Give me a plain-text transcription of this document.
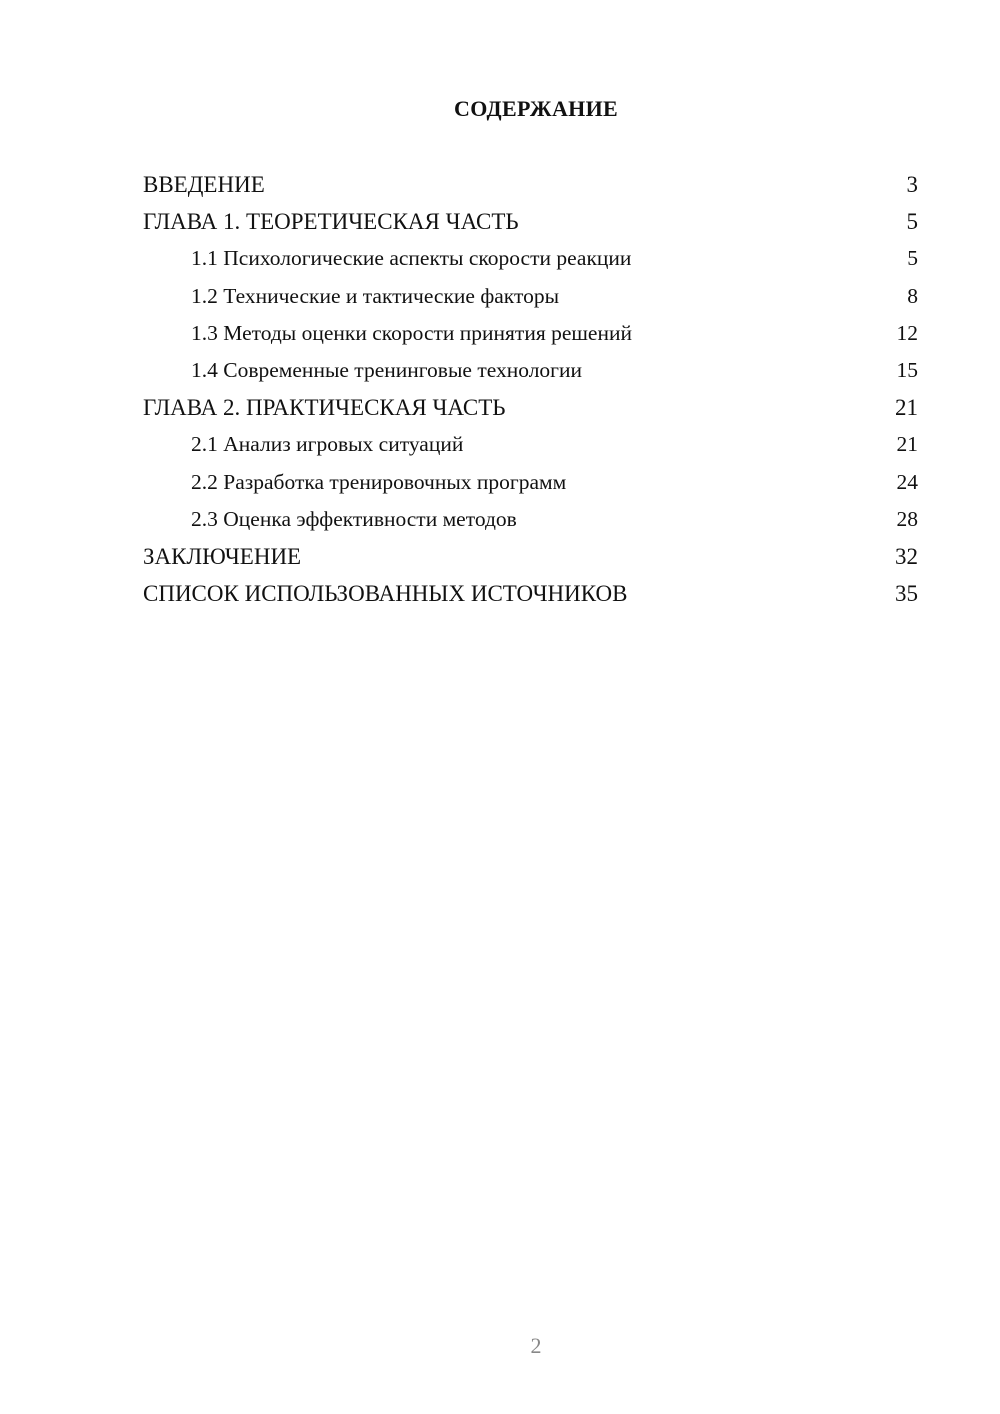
СОДЕРЖАНИЕ
ВВЕДЕНИЕ	3
ГЛАВА 1. ТЕОРЕТИЧЕСКАЯ ЧАСТЬ	5
1.1 Психологические аспекты скорости реакции	5
1.2 Технические и тактические факторы	8
1.3 Методы оценки скорости принятия решений	12
1.4 Современные тренинговые технологии	15
ГЛАВА 2. ПРАКТИЧЕСКАЯ ЧАСТЬ	21
2.1 Анализ игровых ситуаций	21
2.2 Разработка тренировочных программ	24
2.3 Оценка эффективности методов	28
ЗАКЛЮЧЕНИЕ	32
СПИСОК ИСПОЛЬЗОВАННЫХ ИСТОЧНИКОВ	35
2
